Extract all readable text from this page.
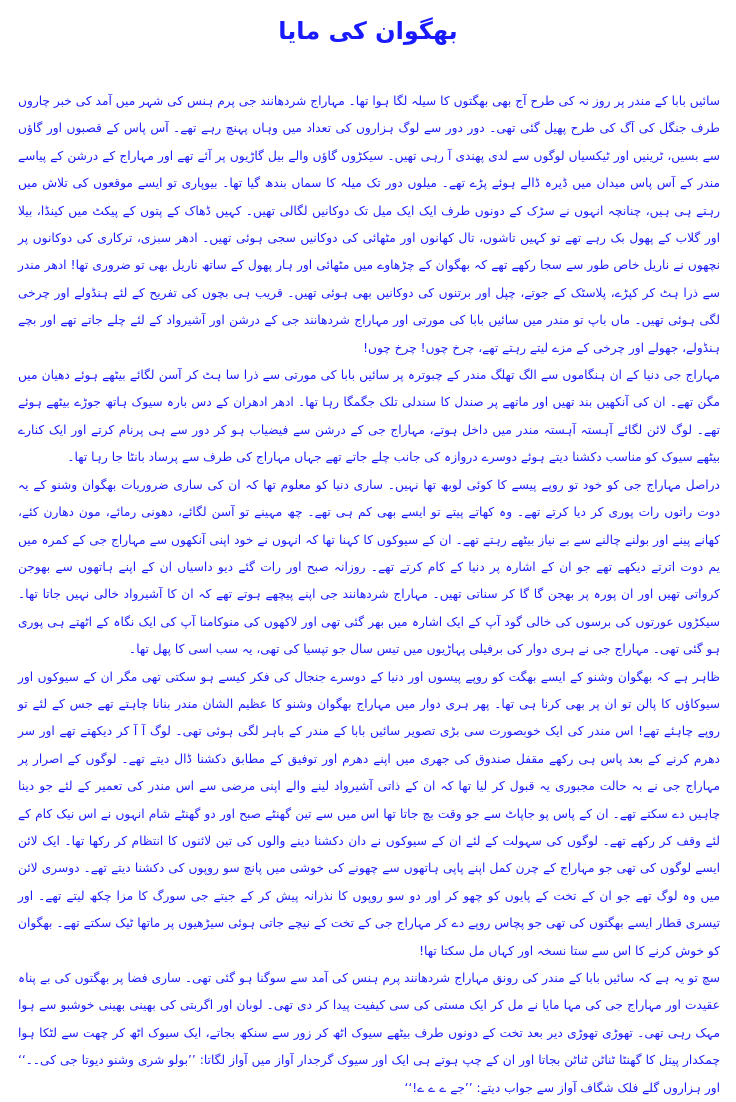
بھگوان کی مایا

سائیں بابا کے مندر پر روز نہ کی طرح آج بھی بھگتوں کا سیلہ لگا ہوا تھا۔ مہاراج شردھانند جی پرم ہنس کی شہر میں آمد کی خبر چاروں طرف جنگل کی آگ کی طرح پھیل گئی تھی۔ دور دور سے لوگ ہزاروں کی تعداد میں وہاں پہنچ رہے تھے۔ آس پاس کے قصبوں اور گاؤں سے بسیں، ٹرینیں اور ٹیکسیاں لوگوں سے لدی پھندی آ رہی تھیں۔ سیکڑوں گاؤں والے بیل گاڑیوں پر آئے تھے اور مہاراج کے درشن کے پیاسے مندر کے آس پاس میدان میں ڈیرہ ڈالے ہوئے پڑے تھے۔ میلوں دور تک میلہ کا سماں بندھ گیا تھا۔ بیوپاری تو ایسے موقعوں کی تلاش میں رہتے ہی ہیں، چنانچہ انہوں نے سڑک کے دونوں طرف ایک ایک میل تک دوکانیں لگالی تھیں۔ کہیں ڈھاک کے پتوں کے پیکٹ میں کینڈا، بیلا اور گلاب کے پھول بک رہے تھے تو کہیں تاشوں، تال کھانوں اور مٹھائی کی دوکانیں سجی ہوئی تھیں۔ ادھر سبزی، ترکاری کی دوکانوں پر نچھوں نے ناریل خاص طور سے سجا رکھے تھے کہ بھگوان کے چڑھاوے میں مٹھائی اور ہار پھول کے ساتھ ناریل بھی تو ضروری تھا! ادھر مندر سے ذرا ہٹ کر کپڑے، پلاسٹک کے جوتے، چپل اور برتنوں کی دوکانیں بھی ہوئی تھیں۔ قریب ہی بچوں کی تفریح کے لئے ہنڈولے اور چرخی لگی ہوئی تھیں۔ ماں باپ تو مندر میں سائیں بابا کی مورتی اور مہاراج شردھانند جی کے درشن اور آشیرواد کے لئے چلے جاتے تھے اور بچے ہنڈولے، جھولے اور چرخی کے مزے لیتے رہتے تھے، چرخ چوں! چرخ چوں!

مہاراج جی دنیا کے ان ہنگاموں سے الگ تھلگ مندر کے چبوترہ پر سائیں بابا کی مورتی سے ذرا سا ہٹ کر آسن لگائے بیٹھے ہوئے دھیان میں مگن تھے۔ ان کی آنکھیں بند تھیں اور ماتھے پر صندل کا سندلی تلک جگمگا رہا تھا۔ ادھر ادھران کے دس بارہ سیوک ہاتھ جوڑے بیٹھے ہوئے تھے۔ لوگ لائن لگائے آہستہ آہستہ مندر میں داخل ہوتے، مہاراج جی کے درشن سے فیضیاب ہو کر دور سے ہی پرنام کرتے اور ایک کنارے بیٹھے سیوک کو مناسب دکشنا دیتے ہوئے دوسرے دروازہ کی جانب چلے جاتے تھے جہاں مہاراج کی طرف سے پرساد بانٹا جا رہا تھا۔

دراصل مہاراج جی کو خود تو روپے پیسے کا کوئی لوبھ تھا نہیں۔ ساری دنیا کو معلوم تھا کہ ان کی ساری ضروریات بھگوان وشنو کے یہ دوت راتوں رات پوری کر دیا کرتے تھے۔ وہ کھاتے پیتے تو ایسے بھی کم ہی تھے۔ چھ مہینے تو آسن لگائے، دھونی رمائے، مون دھارن کئے، کھانے پینے اور بولنے چالنے سے بے نیاز بیٹھے رہتے تھے۔ ان کے سیوکوں کا کہنا تھا کہ انہوں نے خود اپنی آنکھوں سے مہاراج جی کے کمرہ میں یم دوت اترتے دیکھے تھے جو ان کے اشارہ پر دنیا کے کام کرتے تھے۔ روزانہ صبح اور رات گئے دیو داسیاں ان کے اپنے ہاتھوں سے بھوجن کرواتی تھیں اور ان پورہ پر بھجن گا گا کر سناتی تھیں۔ مہاراج شردھانند جی اپنے پیچھے ہوتے تھے کہ ان کا آشیرواد خالی نہیں جاتا تھا۔ سیکڑوں عورتوں کی برسوں کی خالی گود آپ کے ایک اشارہ میں بھر گئی تھی اور لاکھوں کی منوکامنا آپ کی ایک نگاہ کے اٹھتے ہی پوری ہو گئی تھی۔ مہاراج جی نے ہری دوار کی برفیلی پہاڑیوں میں تیس سال جو تپسیا کی تھی، یہ سب اسی کا پھل تھا۔

ظاہر ہے کہ بھگوان وشنو کے ایسے بھگت کو روپے پیسوں اور دنیا کے دوسرے جنجال کی فکر کیسے ہو سکتی تھی مگر ان کے سیوکوں اور سیوکاؤں کا پالن تو ان پر بھی کرنا ہی تھا۔ پھر ہری دوار میں مہاراج بھگوان وشنو کا عظیم الشان مندر بنانا چاہتے تھے جس کے لئے تو روپے چاہئے تھے! اس مندر کی ایک خوبصورت سی بڑی تصویر سائیں بابا کے مندر کے باہر لگی ہوئی تھی۔ لوگ آ آ کر دیکھتے تھے اور سر دھرم کرنے کے بعد پاس ہی رکھے مقفل صندوق کی جھری میں اپنے دھرم اور توفیق کے مطابق دکشنا ڈال دیتے تھے۔ لوگوں کے اصرار پر مہاراج جی نے بہ حالت مجبوری یہ قبول کر لیا تھا کہ ان کے ذاتی آشیرواد لینے والے اپنی مرضی سے اس مندر کی تعمیر کے لئے جو دینا چاہیں دے سکتے تھے۔ ان کے پاس پو جاپاٹ سے جو وقت بچ جاتا تھا اس میں سے تین گھنٹے صبح اور دو گھنٹے شام انہوں نے اس نیک کام کے لئے وقف کر رکھے تھے۔ لوگوں کی سہولت کے لئے ان کے سیوکوں نے دان دکشنا دینے والوں کی تین لائنوں کا انتظام کر رکھا تھا۔ ایک لائن ایسے لوگوں کی تھی جو مہاراج کے چرن کمل اپنے پاپی ہاتھوں سے چھونے کی خوشی میں پانچ سو روپوں کی دکشنا دیتے تھے۔ دوسری لائن میں وہ لوگ تھے جو ان کے تخت کے پایوں کو چھو کر اور دو سو روپوں کا نذرانہ پیش کر کے جیتے جی سورگ کا مزا چکھ لیتے تھے۔ اور تیسری قطار ایسے بھگتوں کی تھی جو پچاس روپے دے کر مہاراج جی کے تخت کے نیچے جاتی ہوئی سیڑھیوں پر ماتھا ٹیک سکتے تھے۔ بھگوان کو خوش کرنے کا اس سے ستا نسخہ اور کہاں مل سکتا تھا!

سچ تو یہ ہے کہ سائیں بابا کے مندر کی رونق مہاراج شردھانند پرم ہنس کی آمد سے سوگنا ہو گئی تھی۔ ساری فضا پر بھگتوں کی بے پناہ عقیدت اور مہاراج جی کی مہا مایا نے مل کر ایک مستی کی سی کیفیت پیدا کر دی تھی۔ لوبان اور اگربتی کی بھینی بھینی خوشبو سے ہوا مہک رہی تھی۔ تھوڑی تھوڑی دیر بعد تخت کے دونوں طرف بیٹھے سیوک اٹھ کر زور سے سنکھ بجاتے، ایک سیوک اٹھ کر چھت سے لٹکا ہوا چمکدار پیتل کا گھنٹا ٹناٹن ٹناٹن بجاتا اور ان کے چپ ہوتے ہی ایک اور سیوک گرجدار آواز میں آواز لگاتا: ’’بولو شری وشنو دیوتا جی کی۔۔‘‘ اور ہزاروں گلے فلک شگاف آواز سے جواب دیتے: ’’جے ے ے ے!‘‘
